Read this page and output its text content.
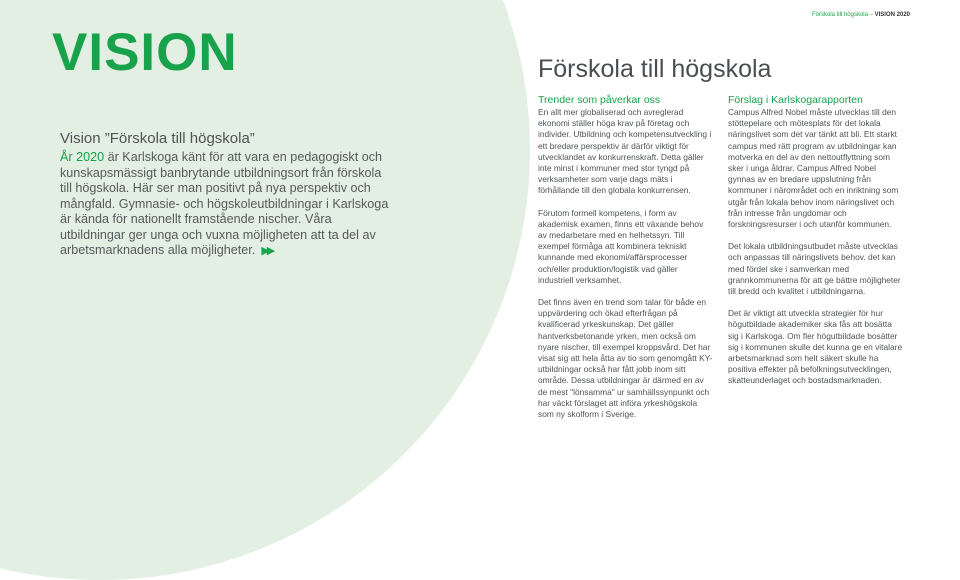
Förskola till högskola – VISION 2020
VISION
Vision ”Förskola till högskola”
År 2020 är Karlskoga känt för att vara en pedagogiskt och kunskapsmässigt banbrytande utbildningsort från förskola till högskola. Här ser man positivt på nya perspektiv och mångfald. Gymnasie- och högskoleutbildningar i Karlskoga är kända för nationellt framstående nischer. Våra utbildningar ger unga och vuxna möjligheten att ta del av arbetsmarknadens alla möjligheter. ▶▶
Förskola till högskola
Trender som påverkar oss

En allt mer globaliserad och avreglerad ekonomi ställer höga krav på företag och individer. Utbildning och kompetensutveckling i ett bredare perspektiv är därför viktigt för utvecklandet av konkurrenskraft. Detta gäller inte minst i kommuner med stor tyngd på verksamheter som varje dags mäts i förhållande till den globala konkurrensen.

Förutom formell kompetens, i form av akademisk examen, finns ett växande behov av medarbetare med en helhetssyn. Till exempel förmåga att kombinera tekniskt kunnande med ekonomi/affärsprocesser och/eller produktion/logistik vad gäller industriell verksamhet.

Det finns även en trend som talar för både en uppvärdering och ökad efterfrågan på kvalificerad yrkeskunskap. Det gäller hantverksbetonande yrken, men också om nyare nischer, till exempel kroppsvård. Det har visat sig att hela åtta av tio som genomgått KY-utbildningar också har fått jobb inom sitt område. Dessa utbildningar är därmed en av de mest "lönsamma" ur samhällssynpunkt och har väckt förslaget att införa yrkeshögskola som ny skolform i Sverige.

Förslag i Karlskogarapporten

Campus Alfred Nobel måste utvecklas till den stöttepelare och mötesplats för det lokala näringslivet som det var tänkt att bli. Ett starkt campus med rätt program av utbildningar kan motverka en del av den nettoutflyttning som sker i unga åldrar. Campus Alfred Nobel gynnas av en bredare uppslutning från kommuner i närområdet och en inriktning som utgår från lokala behov inom näringslivet och från intresse från ungdomar och forskningsresurser i och utanför kommunen.

Det lokala utbildningsutbudet måste utvecklas och anpassas till näringslivets behov. det kan med fördel ske i samverkan med grannkommunerna för att ge bättre möjligheter till bredd och kvalitet i utbildningarna.

Det är viktigt att utveckla strategier för hur högutbildade akademiker ska fås att bosätta sig i Karlskoga. Om fler högutbildade bosätter sig i kommunen skulle det kunna ge en vitalare arbetsmarknad som helt säkert skulle ha positiva effekter på befolkningsutvecklingen, skatteunderlaget och bostadsmarknaden.
